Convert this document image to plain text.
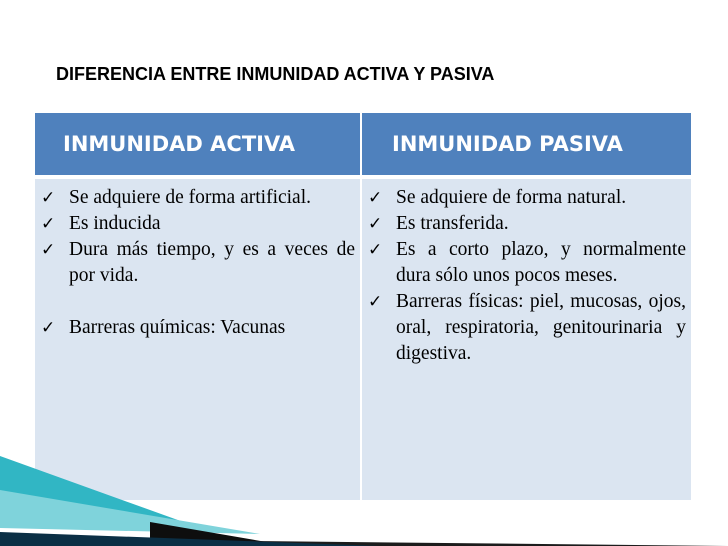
DIFERENCIA ENTRE INMUNIDAD ACTIVA Y PASIVA
INMUNIDAD ACTIVA	INMUNIDAD PASIVA
✓ Se adquiere de forma artificial.
✓ Es inducida
✓ Dura más tiempo, y es a veces de por vida.
✓ Barreras químicas: Vacunas
✓ Se adquiere de forma natural.
✓ Es transferida.
✓ Es a corto plazo, y normalmente dura sólo unos pocos meses.
✓ Barreras físicas: piel, mucosas, ojos, oral, respiratoria, genitourinaria y digestiva.
